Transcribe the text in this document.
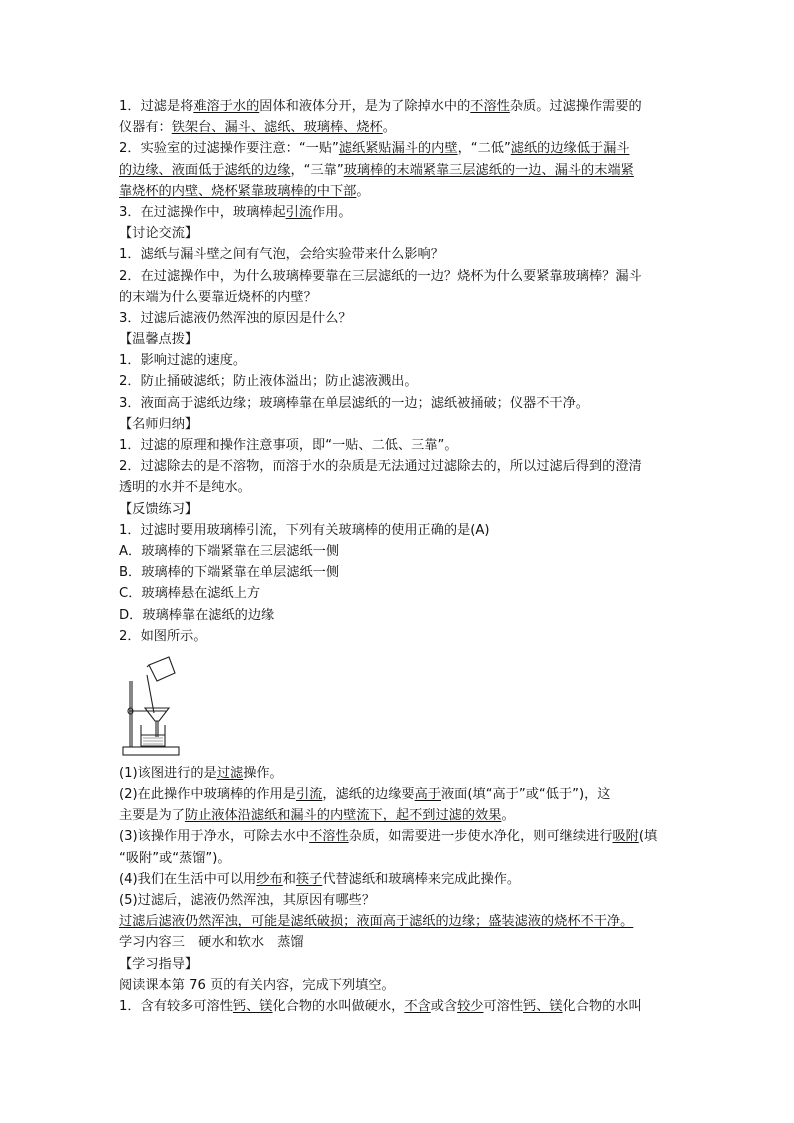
1．过滤是将难溶于水的固体和液体分开，是为了除掉水中的不溶性杂质。过滤操作需要的
仪器有：铁架台、漏斗、滤纸、玻璃棒、烧杯。
2．实验室的过滤操作要注意：“一贴”滤纸紧贴漏斗的内壁，“二低”滤纸的边缘低于漏斗
的边缘、液面低于滤纸的边缘，“三靠”玻璃棒的末端紧靠三层滤纸的一边、漏斗的末端紧
靠烧杯的内壁、烧杯紧靠玻璃棒的中下部。
3．在过滤操作中，玻璃棒起引流作用。
【讨论交流】
1．滤纸与漏斗壁之间有气泡，会给实验带来什么影响？
2．在过滤操作中，为什么玻璃棒要靠在三层滤纸的一边？烧杯为什么要紧靠玻璃棒？漏斗
的末端为什么要靠近烧杯的内壁？
3．过滤后滤液仍然浑浊的原因是什么？
【温馨点拨】
1．影响过滤的速度。
2．防止捅破滤纸；防止液体溢出；防止滤液溅出。
3．液面高于滤纸边缘；玻璃棒靠在单层滤纸的一边；滤纸被捅破；仪器不干净。
【名师归纳】
1．过滤的原理和操作注意事项，即“一贴、二低、三靠”。
2．过滤除去的是不溶物，而溶于水的杂质是无法通过过滤除去的，所以过滤后得到的澄清
透明的水并不是纯水。
【反馈练习】
1．过滤时要用玻璃棒引流，下列有关玻璃棒的使用正确的是(A)
A．玻璃棒的下端紧靠在三层滤纸一侧
B．玻璃棒的下端紧靠在单层滤纸一侧
C．玻璃棒悬在滤纸上方
D．玻璃棒靠在滤纸的边缘
2．如图所示。
(1)该图进行的是过滤操作。
(2)在此操作中玻璃棒的作用是引流，滤纸的边缘要高于液面(填“高于”或“低于”)，这
主要是为了防止液体沿滤纸和漏斗的内壁流下，起不到过滤的效果。
(3)该操作用于净水，可除去水中不溶性杂质，如需要进一步使水净化，则可继续进行吸附(填
“吸附”或“蒸馏”)。
(4)我们在生活中可以用纱布和筷子代替滤纸和玻璃棒来完成此操作。
(5)过滤后，滤液仍然浑浊，其原因有哪些？
过滤后滤液仍然浑浊，可能是滤纸破损；液面高于滤纸的边缘；盛装滤液的烧杯不干净。
学习内容三　硬水和软水　蒸馏
【学习指导】
阅读课本第 76 页的有关内容，完成下列填空。
1．含有较多可溶性钙、镁化合物的水叫做硬水，不含或含较少可溶性钙、镁化合物的水叫
